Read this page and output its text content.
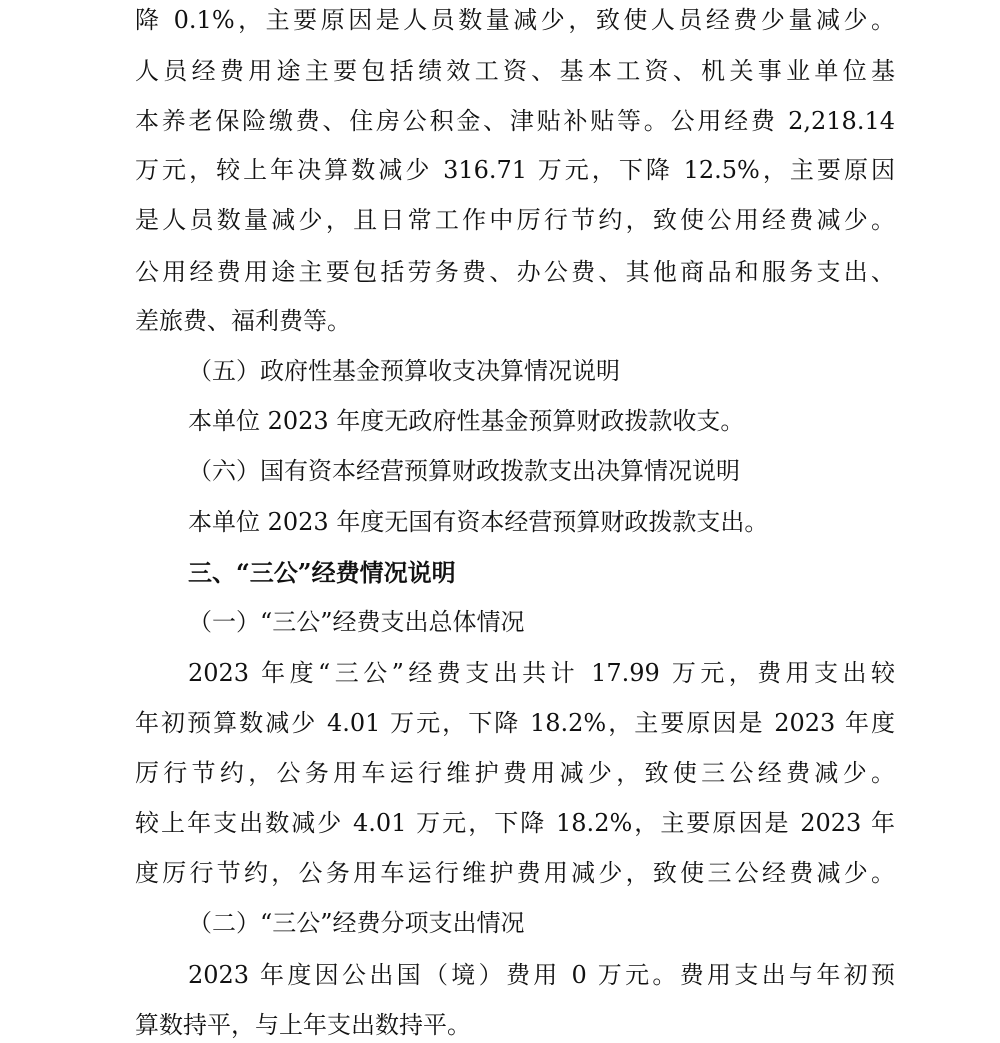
降 0.1%，主要原因是人员数量减少，致使人员经费少量减少。

人员经费用途主要包括绩效工资、基本工资、机关事业单位基

本养老保险缴费、住房公积金、津贴补贴等。公用经费 2,218.14

万元，较上年决算数减少 316.71 万元，下降 12.5%，主要原因

是人员数量减少，且日常工作中厉行节约，致使公用经费减少。

公用经费用途主要包括劳务费、办公费、其他商品和服务支出、

差旅费、福利费等。

（五）政府性基金预算收支决算情况说明

本单位 2023 年度无政府性基金预算财政拨款收支。

（六）国有资本经营预算财政拨款支出决算情况说明

本单位 2023 年度无国有资本经营预算财政拨款支出。

三、“三公”经费情况说明

（一）“三公”经费支出总体情况

2023 年度“三公”经费支出共计 17.99 万元，费用支出较

年初预算数减少 4.01 万元，下降 18.2%，主要原因是 2023 年度

厉行节约，公务用车运行维护费用减少，致使三公经费减少。

较上年支出数减少 4.01 万元，下降 18.2%，主要原因是 2023 年

度厉行节约，公务用车运行维护费用减少，致使三公经费减少。

（二）“三公”经费分项支出情况

2023 年度因公出国（境）费用 0 万元。费用支出与年初预

算数持平，与上年支出数持平。
